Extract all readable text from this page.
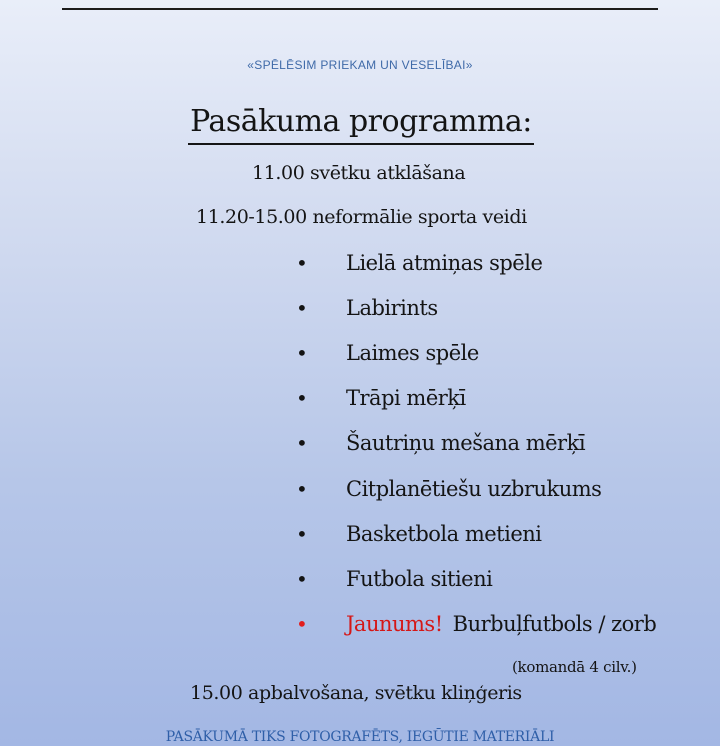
«SPĒLĒSIM PRIEKAM UN VESELĪBAI»
Pasākuma programma:
11.00 svētku atklāšana
11.20-15.00 neformālie sporta veidi
•	Lielā atmiņas spēle
•	Labirints
•	Laimes spēle
•	Trāpi mērķī
•	Šautriņu mešana mērķī
•	Citplanētiešu uzbrukums
•	Basketbola metieni
•	Futbola sitieni
•	Jaunums! Burbuļfutbols / zorb
(komandā 4 cilv.)
15.00 apbalvošana, svētku kliņģeris
PASĀKUMĀ TIKS FOTOGRAFĒTS, IEGŪTIE MATERIĀLI
